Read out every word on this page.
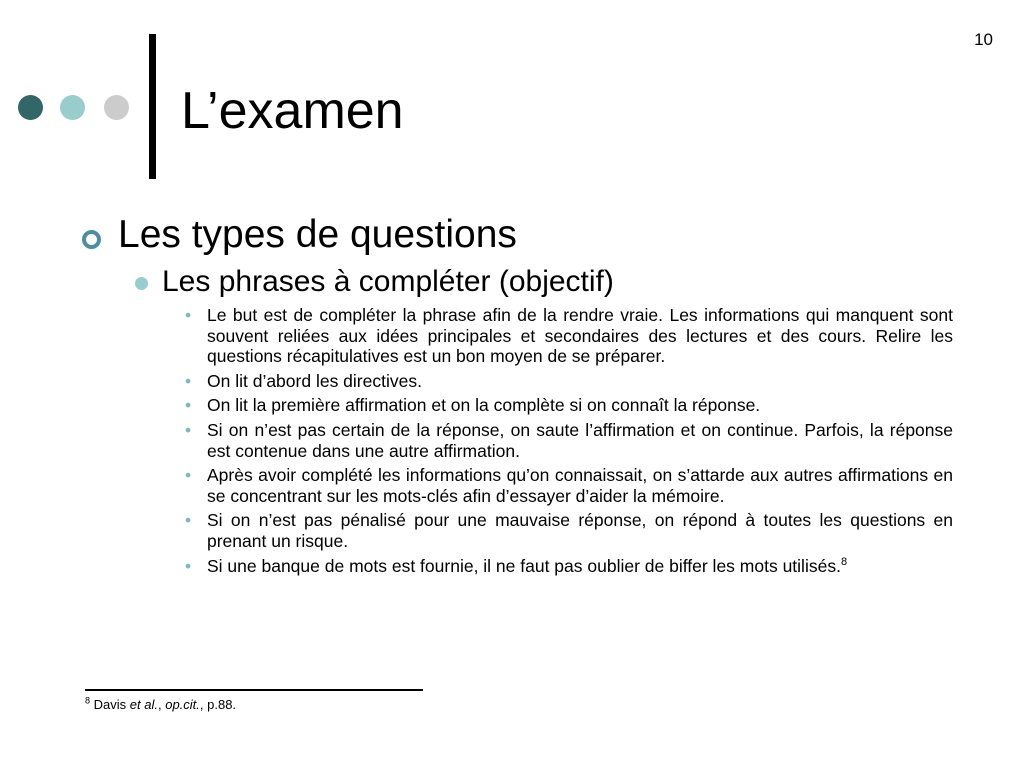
10
L’examen
Les types de questions
Les phrases à compléter (objectif)
• Le but est de compléter la phrase afin de la rendre vraie. Les informations qui manquent sont souvent reliées aux idées principales et secondaires des lectures et des cours. Relire les questions récapitulatives est un bon moyen de se préparer.
• On lit d’abord les directives.
• On lit la première affirmation et on la complète si on connaît la réponse.
• Si on n’est pas certain de la réponse, on saute l’affirmation et on continue. Parfois, la réponse est contenue dans une autre affirmation.
• Après avoir complété les informations qu’on connaissait, on s’attarde aux autres affirmations en se concentrant sur les mots-clés afin d’essayer d’aider la mémoire.
• Si on n’est pas pénalisé pour une mauvaise réponse, on répond à toutes les questions en prenant un risque.
• Si une banque de mots est fournie, il ne faut pas oublier de biffer les mots utilisés.$^8$
$^8$ Davis et al., op.cit., p.88.
